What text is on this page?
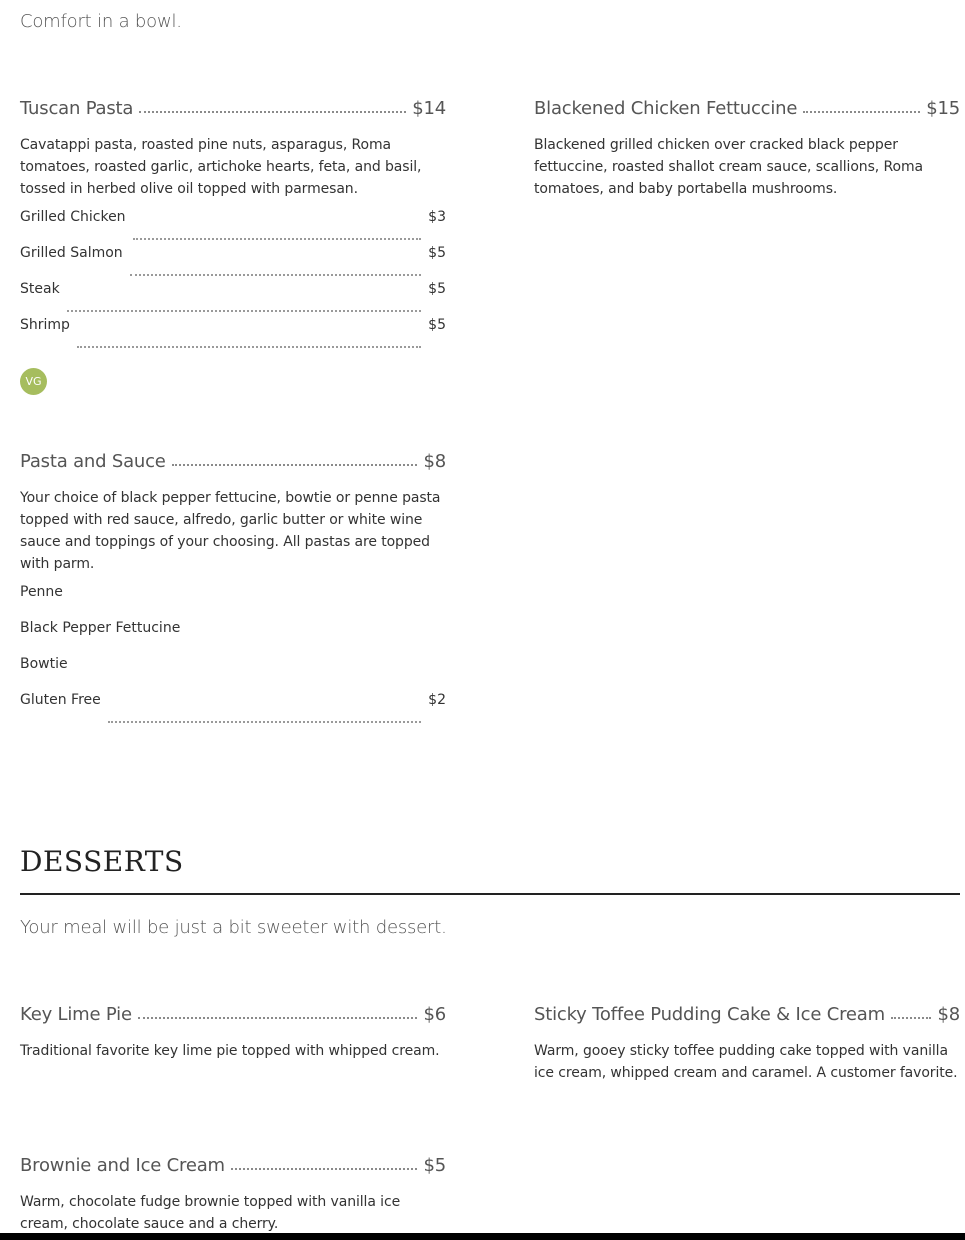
Comfort in a bowl.
Tuscan Pasta	$14
Cavatappi pasta, roasted pine nuts, asparagus, Roma tomatoes, roasted garlic, artichoke hearts, feta, and basil, tossed in herbed olive oil topped with parmesan.
Grilled Chicken	$3
Grilled Salmon	$5
Steak	$5
Shrimp	$5
VG
Blackened Chicken Fettuccine	$15
Blackened grilled chicken over cracked black pepper fettuccine, roasted shallot cream sauce, scallions, Roma tomatoes, and baby portabella mushrooms.
Pasta and Sauce	$8
Your choice of black pepper fettucine, bowtie or penne pasta topped with red sauce, alfredo, garlic butter or white wine sauce and toppings of your choosing. All pastas are topped with parm.
Penne
Black Pepper Fettucine
Bowtie
Gluten Free	$2
DESSERTS
Your meal will be just a bit sweeter with dessert.
Key Lime Pie	$6
Traditional favorite key lime pie topped with whipped cream.
Sticky Toffee Pudding Cake & Ice Cream	$8
Warm, gooey sticky toffee pudding cake topped with vanilla ice cream, whipped cream and caramel. A customer favorite.
Brownie and Ice Cream	$5
Warm, chocolate fudge brownie topped with vanilla ice cream, chocolate sauce and a cherry.
